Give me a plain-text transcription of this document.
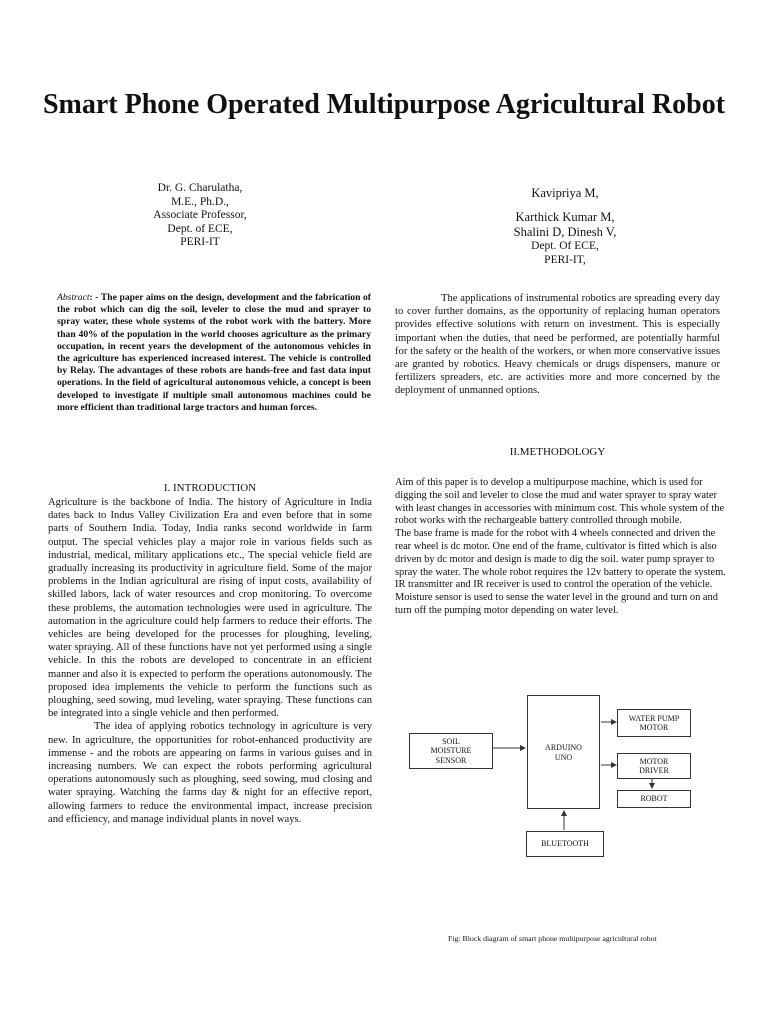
Smart Phone Operated Multipurpose Agricultural Robot
Dr. G. Charulatha,
M.E., Ph.D.,
Associate Professor,
Dept. of ECE,
PERI-IT
Kavipriya M,
Karthick Kumar M,
Shalini D, Dinesh V,
Dept. Of ECE,
PERI-IT,
Abstract: - The paper aims on the design, development and the fabrication of the robot which can dig the soil, leveler to close the mud and sprayer to spray water, these whole systems of the robot work with the battery. More than 40% of the population in the world chooses agriculture as the primary occupation, in recent years the development of the autonomous vehicles in the agriculture has experienced increased interest. The vehicle is controlled by Relay. The advantages of these robots are hands-free and fast data input operations. In the field of agricultural autonomous vehicle, a concept is been developed to investigate if multiple small autonomous machines could be more efficient than traditional large tractors and human forces.

The applications of instrumental robotics are spreading every day to cover further domains, as the opportunity of replacing human operators provides effective solutions with return on investment. This is especially important when the duties, that need be performed, are potentially harmful for the safety or the health of the workers, or when more conservative issues are granted by robotics. Heavy chemicals or drugs dispensers, manure or fertilizers spreaders, etc. are activities more and more concerned by the deployment of unmanned options.

II.METHODOLOGY

I. INTRODUCTION

Agriculture is the backbone of India. The history of Agriculture in India dates back to Indus Valley Civilization Era and even before that in some parts of Southern India. Today, India ranks second worldwide in farm output. The special vehicles play a major role in various fields such as industrial, medical, military applications etc., The special vehicle field are gradually increasing its productivity in agriculture field. Some of the major problems in the Indian agricultural are rising of input costs, availability of skilled labors, lack of water resources and crop monitoring. To overcome these problems, the automation technologies were used in agriculture. The automation in the agriculture could help farmers to reduce their efforts. The vehicles are being developed for the processes for ploughing, leveling, water spraying. All of these functions have not yet performed using a single vehicle. In this the robots are developed to concentrate in an efficient manner and also it is expected to perform the operations autonomously. The proposed idea implements the vehicle to perform the functions such as ploughing, seed sowing, mud leveling, water spraying. These functions can be integrated into a single vehicle and then performed.

The idea of applying robotics technology in agriculture is very new. In agriculture, the opportunities for robot-enhanced productivity are immense - and the robots are appearing on farms in various guises and in increasing numbers. We can expect the robots performing agricultural operations autonomously such as ploughing, seed sowing, mud closing and water spraying. Watching the farms day & night for an effective report, allowing farmers to reduce the environmental impact, increase precision and efficiency, and manage individual plants in novel ways.

Aim of this paper is to develop a multipurpose machine, which is used for digging the soil and leveler to close the mud and water sprayer to spray water with least changes in accessories with minimum cost. This whole system of the robot works with the rechargeable battery controlled through mobile.

The base frame is made for the robot with 4 wheels connected and driven the rear wheel is dc motor. One end of the frame, cultivator is fitted which is also driven by dc motor and design is made to dig the soil. water pump sprayer to spray the water. The whole robot requires the 12v battery to operate the system. IR transmitter and IR receiver is used to control the operation of the vehicle. Moisture sensor is used to sense the water level in the ground and turn on and turn off the pumping motor depending on water level.

SOIL
MOISTURE
SENSOR
ARDUINO
UNO
WATER PUMP
MOTOR
MOTOR
DRIVER
ROBOT
BLUETOOTH
Fig: Block diagram of smart phone multipurpose agricultural robot
